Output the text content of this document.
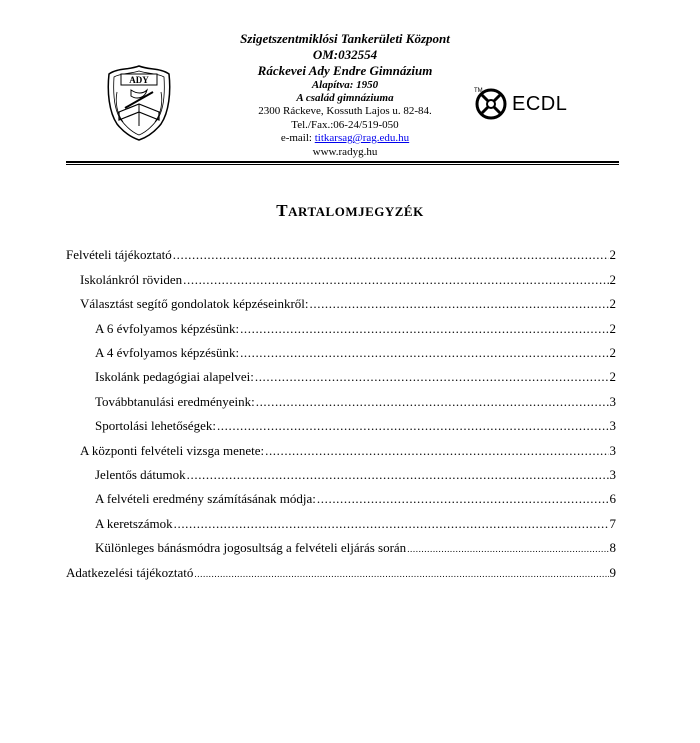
ADY
Szigetszentmiklósi Tankerületi Központ
OM:032554
Ráckevei Ady Endre Gimnázium
Alapítva: 1950
A család gimnáziuma
2300 Ráckeve, Kossuth Lajos u. 82-84.
Tel./Fax.:06-24/519-050
e-mail: titkarsag@rag.edu.hu
www.radyg.hu
TM
ECDL
TARTALOMJEGYZÉK
Felvételi tájékoztató .....	2
Iskolánkról röviden .....	2
Választást segítő gondolatok képzéseinkről: .....	2
A 6 évfolyamos képzésünk: .....	2
A 4 évfolyamos képzésünk: .....	2
Iskolánk pedagógiai alapelvei: .....	2
Továbbtanulási eredményeink: .....	3
Sportolási lehetőségek: .....	3
A központi felvételi vizsga menete: .....	3
Jelentős dátumok .....	3
A felvételi eredmény számításának módja: .....	6
A keretszámok .....	7
Különleges bánásmódra jogosultság a felvételi eljárás során .....	8
Adatkezelési tájékoztató .....	9
